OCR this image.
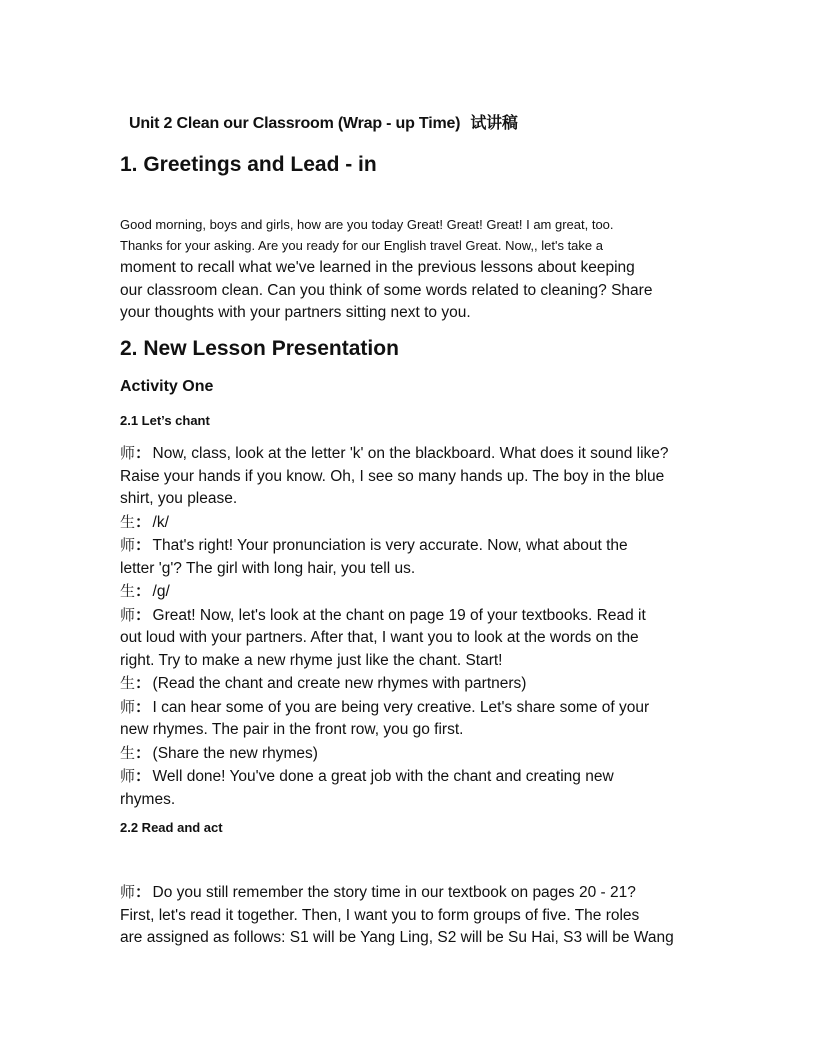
Unit 2 Clean our Classroom (Wrap - up Time) 试讲稿
1. Greetings and Lead - in
Good morning, boys and girls, how are you today Great! Great! Great! I am great, too.
Thanks for your asking. Are you ready for our English travel Great. Now,, let's take a
moment to recall what we've learned in the previous lessons about keeping
our classroom clean. Can you think of some words related to cleaning? Share
your thoughts with your partners sitting next to you.
2. New Lesson Presentation
Activity One
2.1 Let’s chant
师： Now, class, look at the letter 'k' on the blackboard. What does it sound like?
Raise your hands if you know. Oh, I see so many hands up. The boy in the blue
shirt, you please.
生： /k/
师： That's right! Your pronunciation is very accurate. Now, what about the
letter 'g'? The girl with long hair, you tell us.
生： /g/
师： Great! Now, let's look at the chant on page 19 of your textbooks. Read it
out loud with your partners. After that, I want you to look at the words on the
right. Try to make a new rhyme just like the chant. Start!
生： (Read the chant and create new rhymes with partners)
师： I can hear some of you are being very creative. Let's share some of your
new rhymes. The pair in the front row, you go first.
生： (Share the new rhymes)
师： Well done! You've done a great job with the chant and creating new
rhymes.
2.2 Read and act
师： Do you still remember the story time in our textbook on pages 20 - 21?
First, let's read it together. Then, I want you to form groups of five. The roles
are assigned as follows: S1 will be Yang Ling, S2 will be Su Hai, S3 will be Wang
